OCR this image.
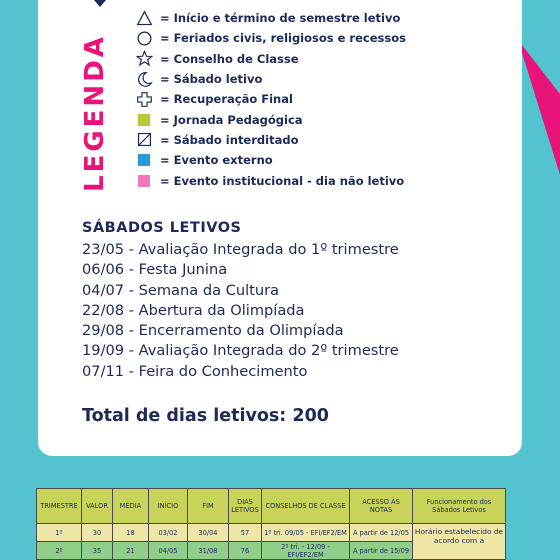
LEGENDA
= Início e término de semestre letivo
= Feriados civis, religiosos e recessos
= Conselho de Classe
= Sábado letivo
= Recuperação Final
= Jornada Pedagógica
= Sábado interditado
= Evento externo
= Evento institucional - dia não letivo
SÁBADOS LETIVOS
23/05 - Avaliação Integrada do 1º trimestre
06/06 - Festa Junina
04/07 - Semana da Cultura
22/08 - Abertura da Olimpíada
29/08 - Encerramento da Olimpíada
19/09 - Avaliação Integrada do 2º trimestre
07/11 - Feira do Conhecimento
Total de dias letivos: 200
TRIMESTRE	VALOR	MÉDIA	INÍCIO	FIM	DIAS LETIVOS	CONSELHOS DE CLASSE	ACESSO ÀS NOTAS	Funcionamento dos Sábados Letivos
1º	30	18	03/02	30/04	57	1º tri. 09/05 - EFI/EF2/EM	A partir de 12/05	Horário estabelecido de acordo com a
2º	35	21	04/05	31/08	76	2º tri. - 12/09 - EFI/EF2/EM	A partir de 15/09	
